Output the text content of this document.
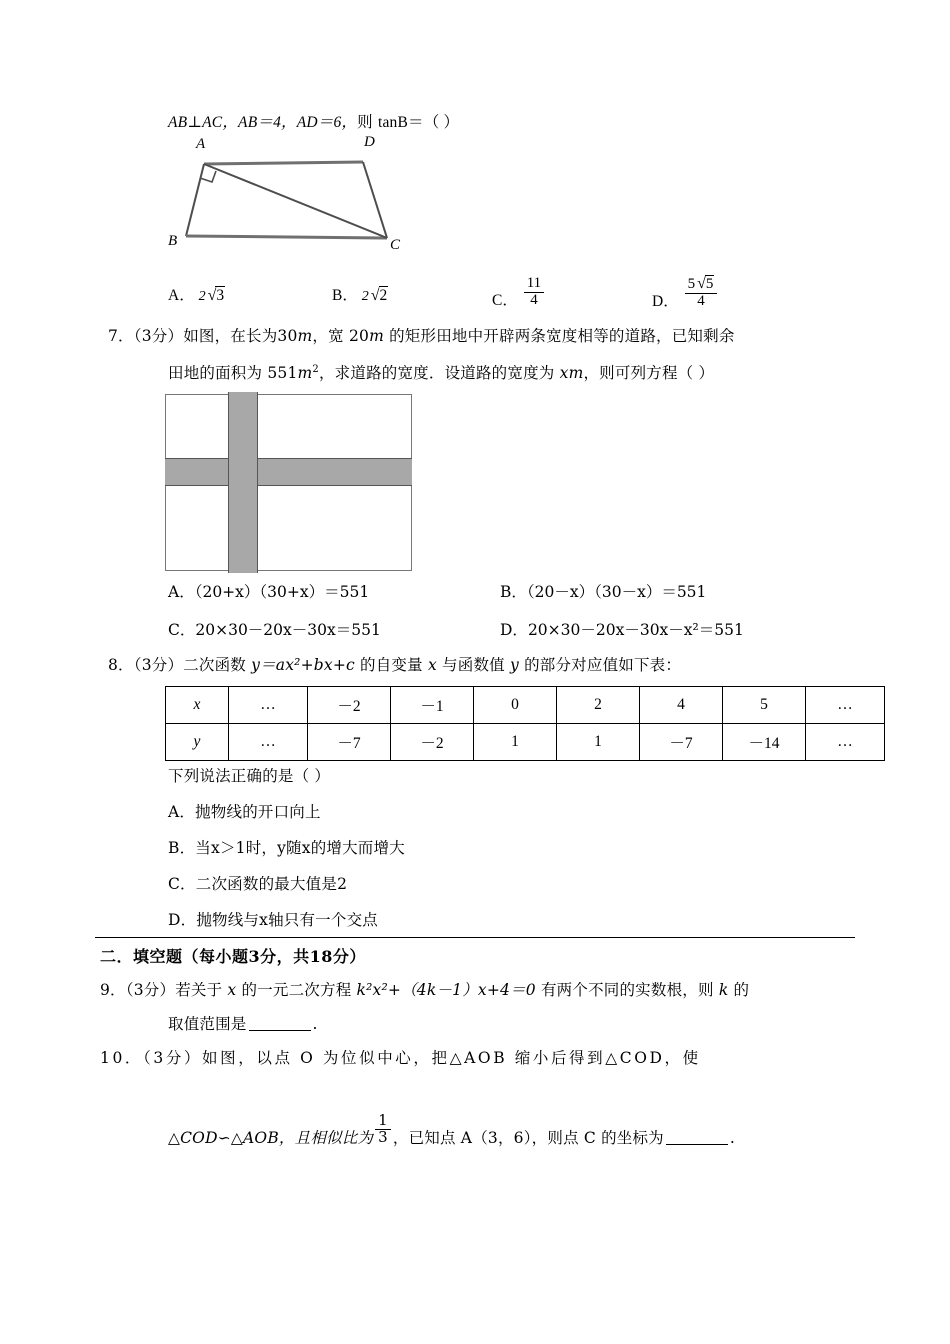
AB⊥AC，AB＝4，AD＝6，则 tanB＝（ ）
A	D
B	C
A． 2 √3	B． 2 √2	C． $\frac{11}{4}$	D． $\frac{5 √5}{4}$
7．（3分）如图，在长为30m，宽 20m 的矩形田地中开辟两条宽度相等的道路，已知剩余
田地的面积为 $551m^2$，求道路的宽度．设道路的宽度为 xm，则可列方程（ ）
A．（20+x）（30+x）＝551	B．（20－x）（30－x）＝551
C．20×30－20x－30x＝551	D．20×30－20x－30x－x²＝551
8．（3分）二次函数 y＝ax²+bx+c 的自变量 x 与函数值 y 的部分对应值如下表：
x	…	－2	－1	0	2	4	5	…
y	…	－7	－2	1	1	－7	－14	…
下列说法正确的是（ ）
A．抛物线的开口向上
B．当x＞1时，y随x的增大而增大
C．二次函数的最大值是2
D．抛物线与x轴只有一个交点
二．填空题（每小题3分，共18分）
9．（3分）若关于 x 的一元二次方程 k²x²+（4k－1）x+4＝0 有两个不同的实数根，则 k 的
取值范围是	.
10．（3分）如图，以点 O 为位似中心，把△AOB 缩小后得到△COD，使
△COD∽△AOB，且相似比为 $\frac{1}{3}$ ，已知点 A（3，6），则点 C 的坐标为	.
